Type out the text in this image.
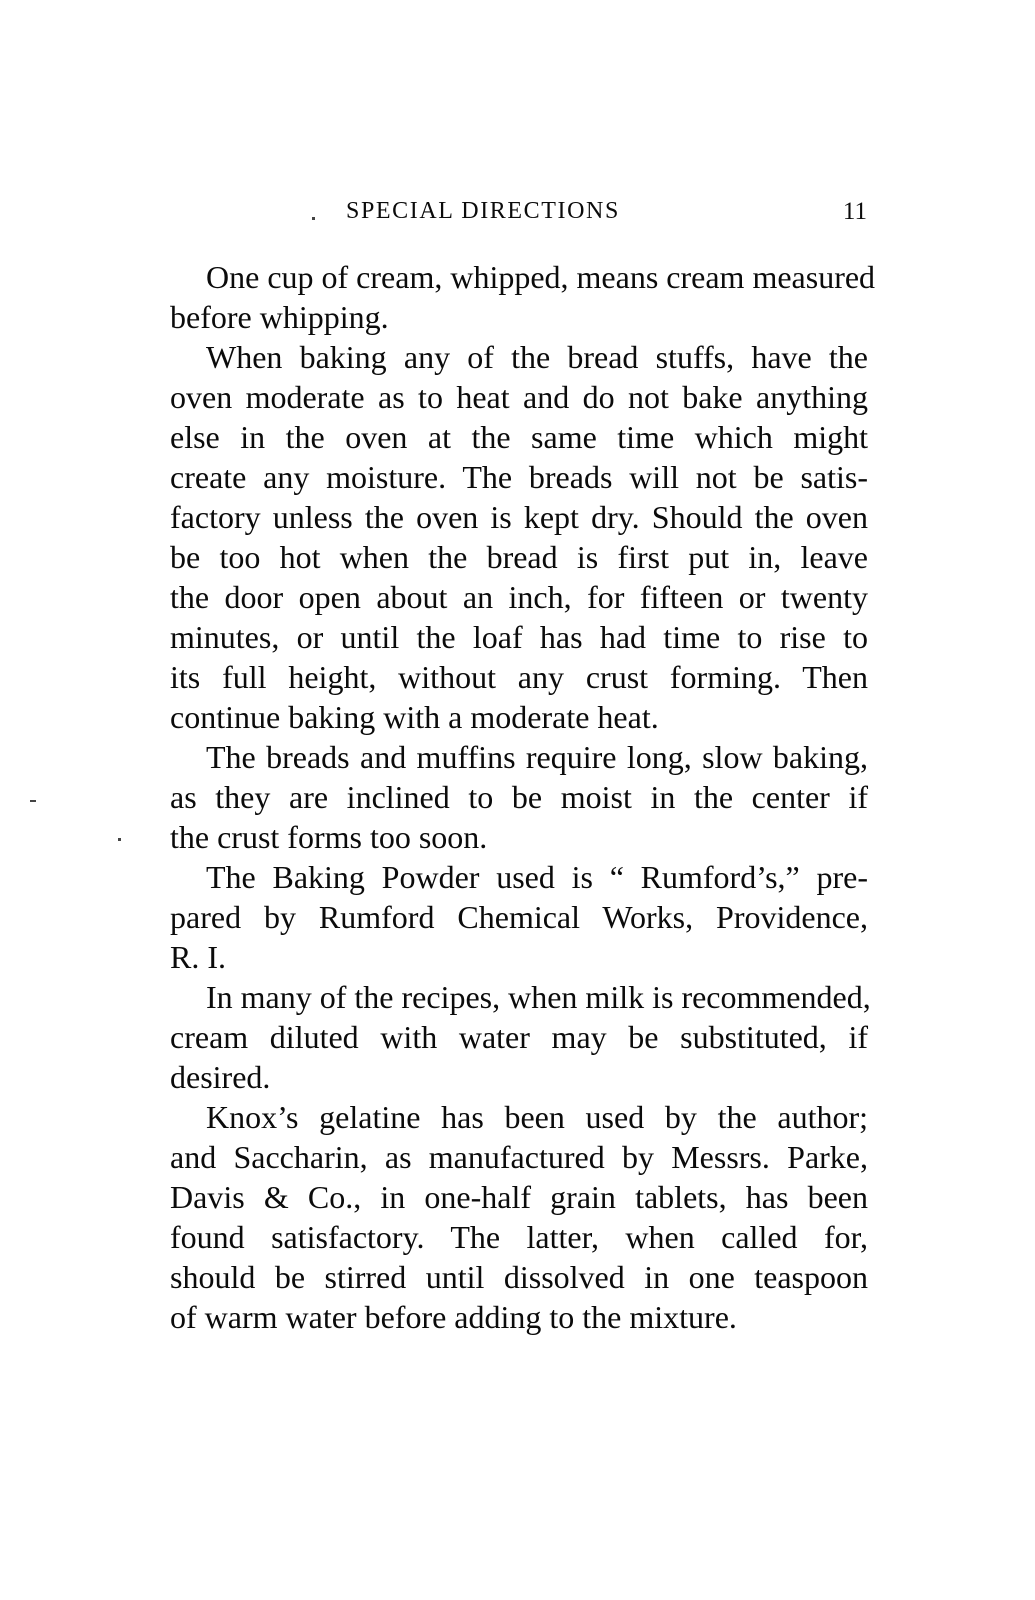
SPECIAL DIRECTIONS	11
One cup of cream, whipped, means cream measured
before whipping.
When baking any of the bread stuffs, have the
oven moderate as to heat and do not bake anything
else in the oven at the same time which might
create any moisture. The breads will not be satis-
factory unless the oven is kept dry. Should the oven
be too hot when the bread is first put in, leave
the door open about an inch, for fifteen or twenty
minutes, or until the loaf has had time to rise to
its full height, without any crust forming. Then
continue baking with a moderate heat.
The breads and muffins require long, slow baking,
as they are inclined to be moist in the center if
the crust forms too soon.
The Baking Powder used is “ Rumford’s,” pre-
pared by Rumford Chemical Works, Providence,
R. I.
In many of the recipes, when milk is recommended,
cream diluted with water may be substituted, if
desired.
Knox’s gelatine has been used by the author;
and Saccharin, as manufactured by Messrs. Parke,
Davis & Co., in one-half grain tablets, has been
found satisfactory. The latter, when called for,
should be stirred until dissolved in one teaspoon
of warm water before adding to the mixture.
